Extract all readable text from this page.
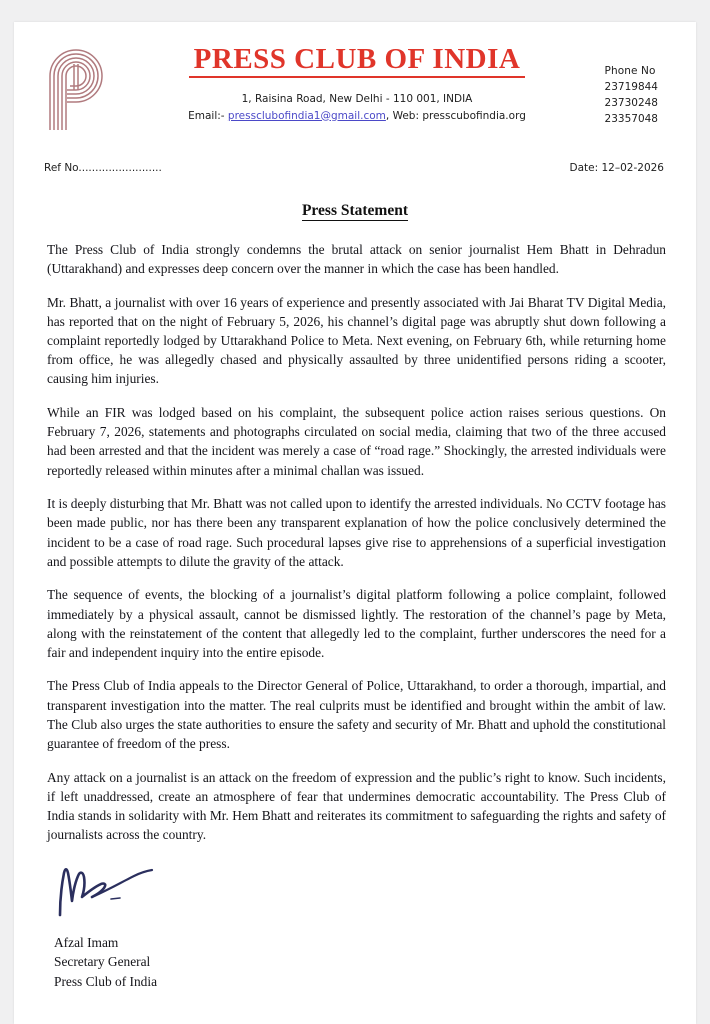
PRESS CLUB OF INDIA
1, Raisina Road, New Delhi - 110 001, INDIA
Email:- pressclubofindia1@gmail.com, Web: presscubofindia.org
Phone No
23719844
23730248
23357048
Ref No.........................	Date: 12–02-2026
Press Statement

The Press Club of India strongly condemns the brutal attack on senior journalist Hem Bhatt in Dehradun (Uttarakhand) and expresses deep concern over the manner in which the case has been handled.

Mr. Bhatt, a journalist with over 16 years of experience and presently associated with Jai Bharat TV Digital Media, has reported that on the night of February 5, 2026, his channel’s digital page was abruptly shut down following a complaint reportedly lodged by Uttarakhand Police to Meta. Next evening, on February 6th, while returning home from office, he was allegedly chased and physically assaulted by three unidentified persons riding a scooter, causing him injuries.

While an FIR was lodged based on his complaint, the subsequent police action raises serious questions. On February 7, 2026, statements and photographs circulated on social media, claiming that two of the three accused had been arrested and that the incident was merely a case of “road rage.” Shockingly, the arrested individuals were reportedly released within minutes after a minimal challan was issued.

It is deeply disturbing that Mr. Bhatt was not called upon to identify the arrested individuals. No CCTV footage has been made public, nor has there been any transparent explanation of how the police conclusively determined the incident to be a case of road rage. Such procedural lapses give rise to apprehensions of a superficial investigation and possible attempts to dilute the gravity of the attack.

The sequence of events, the blocking of a journalist’s digital platform following a police complaint, followed immediately by a physical assault, cannot be dismissed lightly. The restoration of the channel’s page by Meta, along with the reinstatement of the content that allegedly led to the complaint, further underscores the need for a fair and independent inquiry into the entire episode.

The Press Club of India appeals to the Director General of Police, Uttarakhand, to order a thorough, impartial, and transparent investigation into the matter. The real culprits must be identified and brought within the ambit of law. The Club also urges the state authorities to ensure the safety and security of Mr. Bhatt and uphold the constitutional guarantee of freedom of the press.

Any attack on a journalist is an attack on the freedom of expression and the public’s right to know. Such incidents, if left unaddressed, create an atmosphere of fear that undermines democratic accountability. The Press Club of India stands in solidarity with Mr. Hem Bhatt and reiterates its commitment to safeguarding the rights and safety of journalists across the country.

Afzal Imam
Secretary General
Press Club of India
